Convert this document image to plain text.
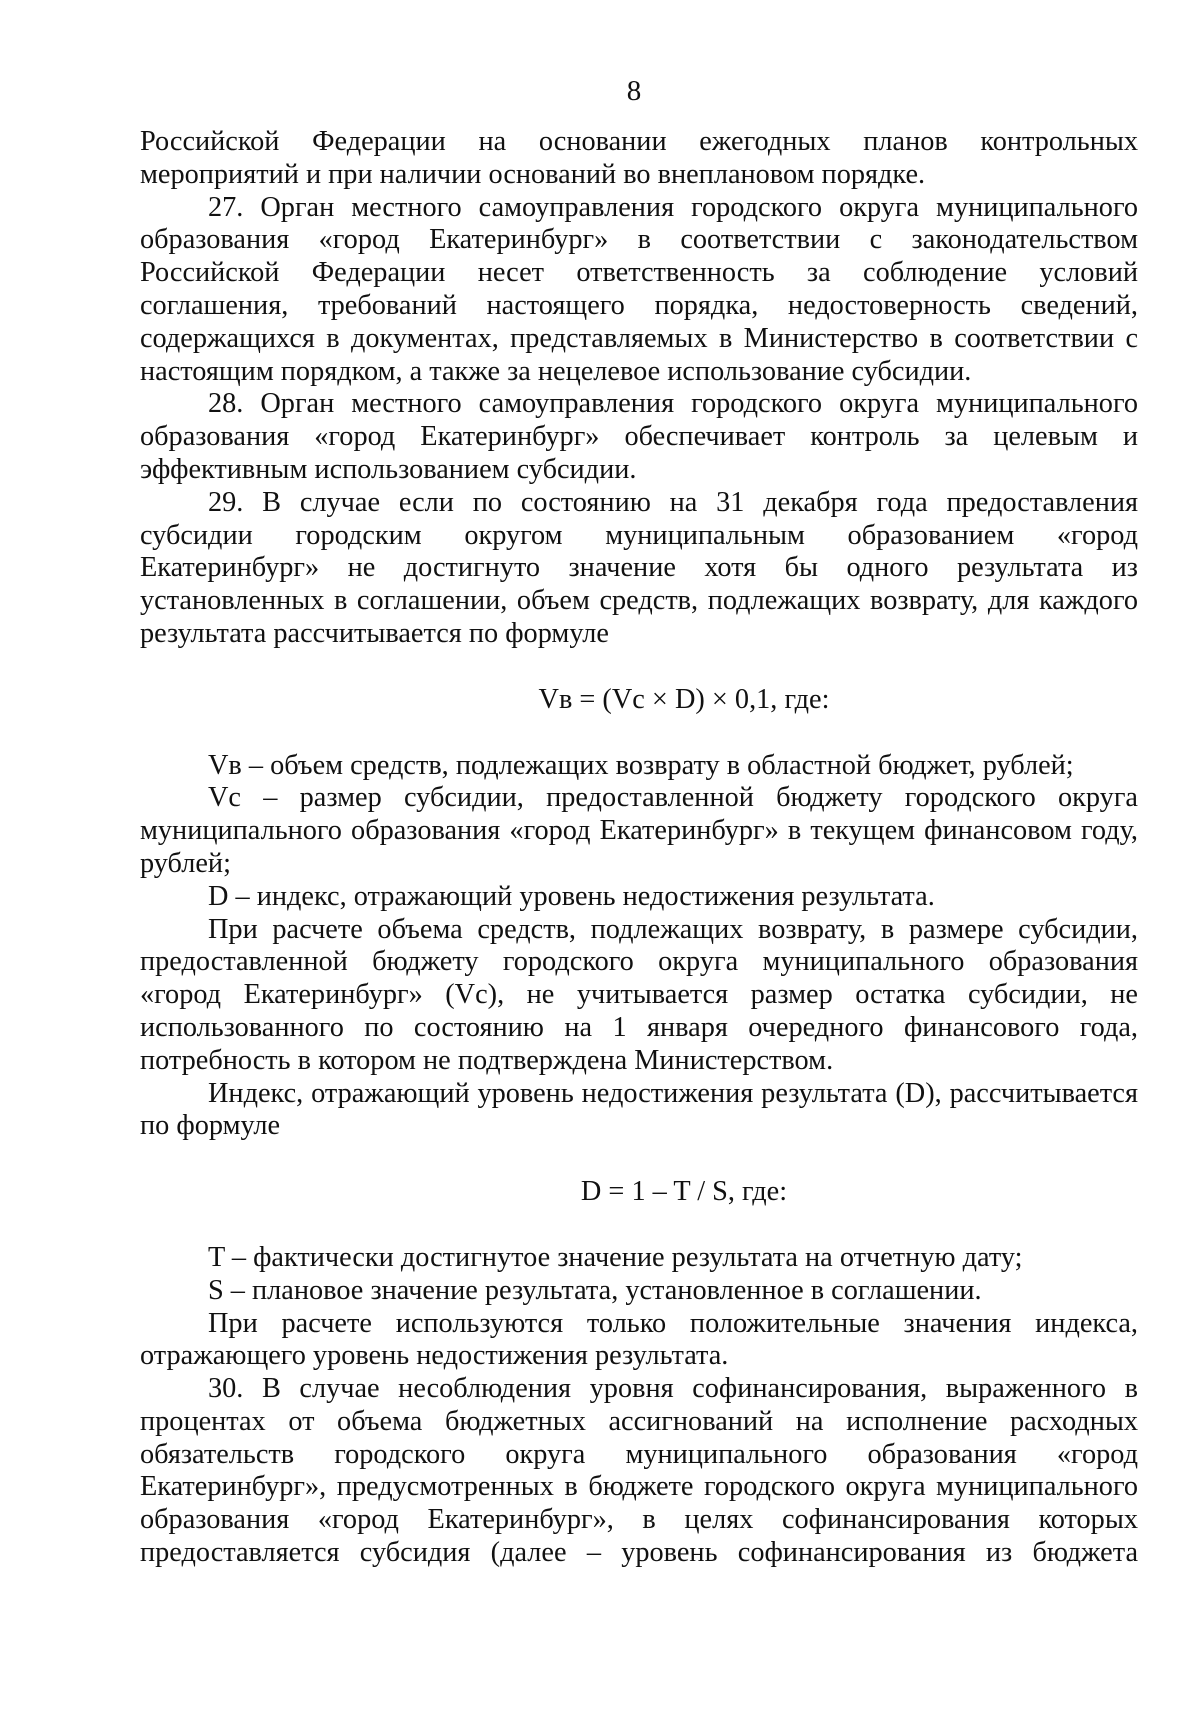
8

Российской Федерации на основании ежегодных планов контрольных мероприятий и при наличии оснований во внеплановом порядке.

27. Орган местного самоуправления городского округа муниципального образования «город Екатеринбург» в соответствии с законодательством Российской Федерации несет ответственность за соблюдение условий соглашения, требований настоящего порядка, недостоверность сведений, содержащихся в документах, представляемых в Министерство в соответствии с настоящим порядком, а также за нецелевое использование субсидии.

28. Орган местного самоуправления городского округа муниципального образования «город Екатеринбург» обеспечивает контроль за целевым и эффективным использованием субсидии.

29. В случае если по состоянию на 31 декабря года предоставления субсидии городским округом муниципальным образованием «город Екатеринбург» не достигнуто значение хотя бы одного результата из установленных в соглашении, объем средств, подлежащих возврату, для каждого результата рассчитывается по формуле

Vв = (Vс × D) × 0,1, где:

Vв – объем средств, подлежащих возврату в областной бюджет, рублей;

Vс – размер субсидии, предоставленной бюджету городского округа муниципального образования «город Екатеринбург» в текущем финансовом году, рублей;

D – индекс, отражающий уровень недостижения результата.

При расчете объема средств, подлежащих возврату, в размере субсидии, предоставленной бюджету городского округа муниципального образования «город Екатеринбург» (Vс), не учитывается размер остатка субсидии, не использованного по состоянию на 1 января очередного финансового года, потребность в котором не подтверждена Министерством.

Индекс, отражающий уровень недостижения результата (D), рассчитывается по формуле

D = 1 – T / S, где:

T – фактически достигнутое значение результата на отчетную дату;

S – плановое значение результата, установленное в соглашении.

При расчете используются только положительные значения индекса, отражающего уровень недостижения результата.

30. В случае несоблюдения уровня софинансирования, выраженного в процентах от объема бюджетных ассигнований на исполнение расходных обязательств городского округа муниципального образования «город Екатеринбург», предусмотренных в бюджете городского округа муниципального образования «город Екатеринбург», в целях софинансирования которых предоставляется субсидия (далее – уровень софинансирования из бюджета
